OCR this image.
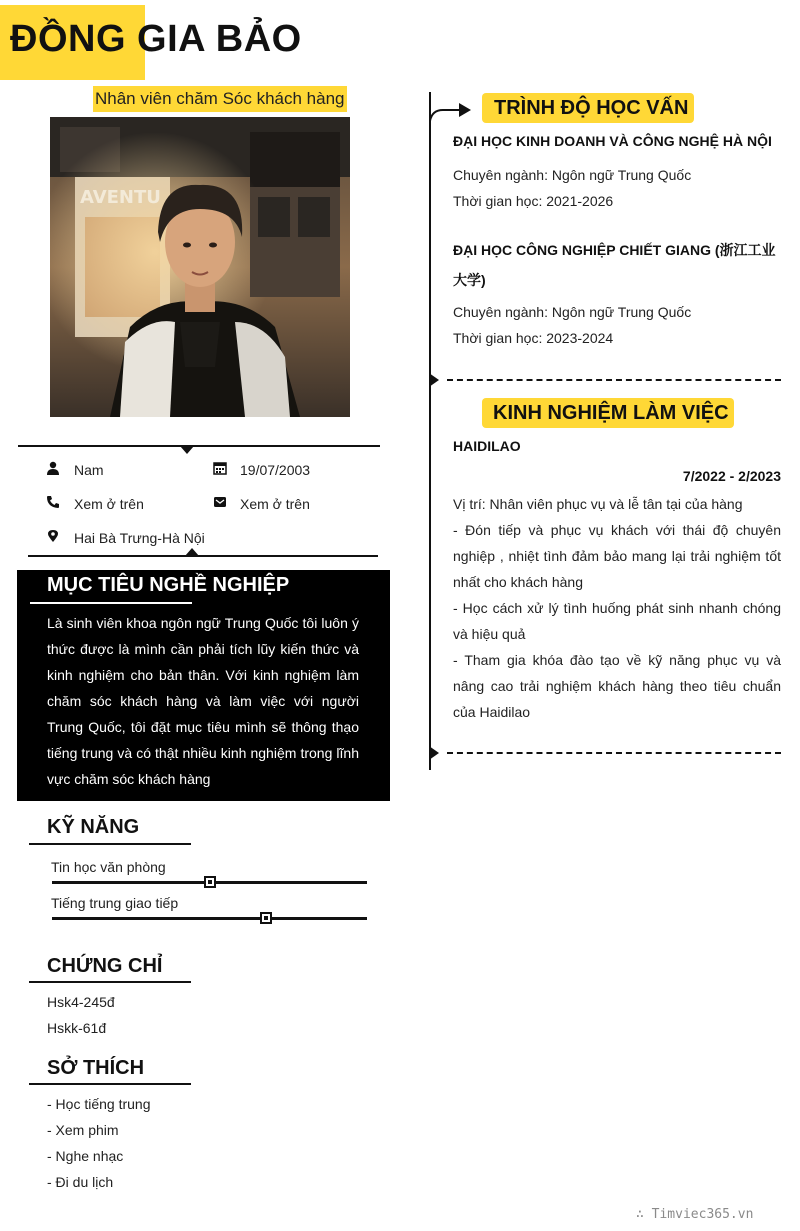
ĐỒNG GIA BẢO
Nhân viên chăm Sóc khách hàng
AVENTU
Nam	19/07/2003
Xem ở trên	Xem ở trên
Hai Bà Trưng-Hà Nội
MỤC TIÊU NGHỀ NGHIỆP
Là sinh viên khoa ngôn ngữ Trung Quốc tôi luôn ý thức được là mình cần phải tích lũy kiến thức và kinh nghiệm cho bản thân. Với kinh nghiệm làm chăm sóc khách hàng và làm việc với người Trung Quốc, tôi đặt mục tiêu mình sẽ thông thạo tiếng trung và có thật nhiều kinh nghiệm trong lĩnh vực chăm sóc khách hàng
KỸ NĂNG
Tin học văn phòng
Tiếng trung giao tiếp
CHỨNG CHỈ
Hsk4-245đ
Hskk-61đ
SỞ THÍCH
- Học tiếng trung
- Xem phim
- Nghe nhạc
- Đi du lịch
TRÌNH ĐỘ HỌC VẤN
ĐẠI HỌC KINH DOANH VÀ CÔNG NGHỆ HÀ NỘI
Chuyên ngành: Ngôn ngữ Trung Quốc
Thời gian học: 2021-2026
ĐẠI HỌC CÔNG NGHIỆP CHIẾT GIANG (浙江工业
大学)
Chuyên ngành: Ngôn ngữ Trung Quốc
Thời gian học: 2023-2024
KINH NGHIỆM LÀM VIỆC
HAIDILAO
7/2022 - 2/2023
Vị trí: Nhân viên phục vụ và lễ tân tại của hàng
- Đón tiếp và phục vụ khách với thái độ chuyên nghiệp , nhiệt tình đảm bảo mang lại trải nghiệm tốt nhất cho khách hàng
- Học cách xử lý tình huống phát sinh nhanh chóng và hiệu quả
- Tham gia khóa đào tạo về kỹ năng phục vụ và nâng cao trải nghiệm khách hàng theo tiêu chuẩn của Haidilao
∴ Timviec365.vn
